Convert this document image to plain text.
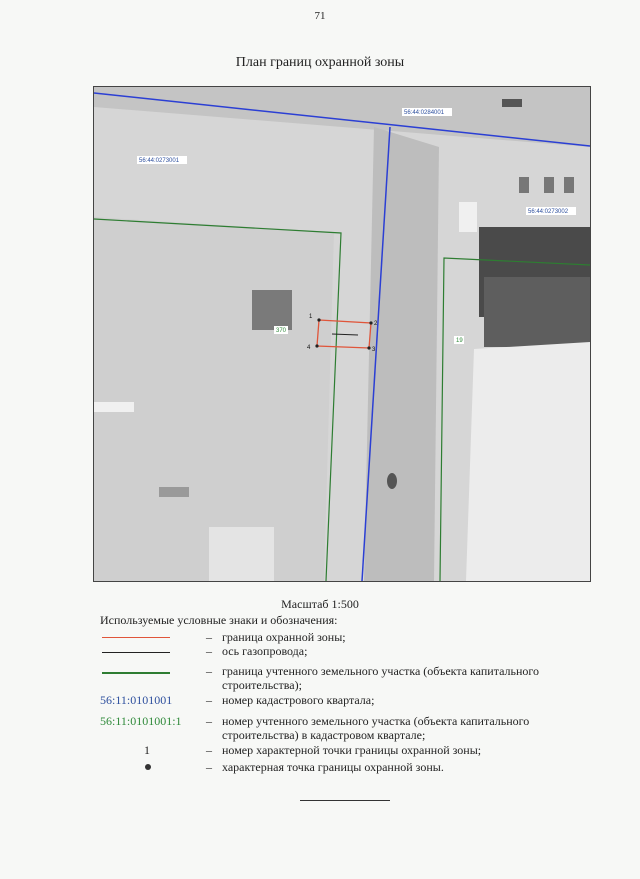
71
План границ охранной зоны
1
2
3
4
56:44:0273001
56:44:0284001
56:44:0273002
370
19
Масштаб 1:500
Используемые условные знаки и обозначения:
– граница охранной зоны;
– ось газопровода;
– граница учтенного земельного участка (объекта капитального строительства);
56:11:0101001	– номер кадастрового квартала;
56:11:0101001:1	– номер учтенного земельного участка (объекта капитального строительства) в кадастровом квартале;
1	– номер характерной точки границы охранной зоны;
– характерная точка границы охранной зоны.
